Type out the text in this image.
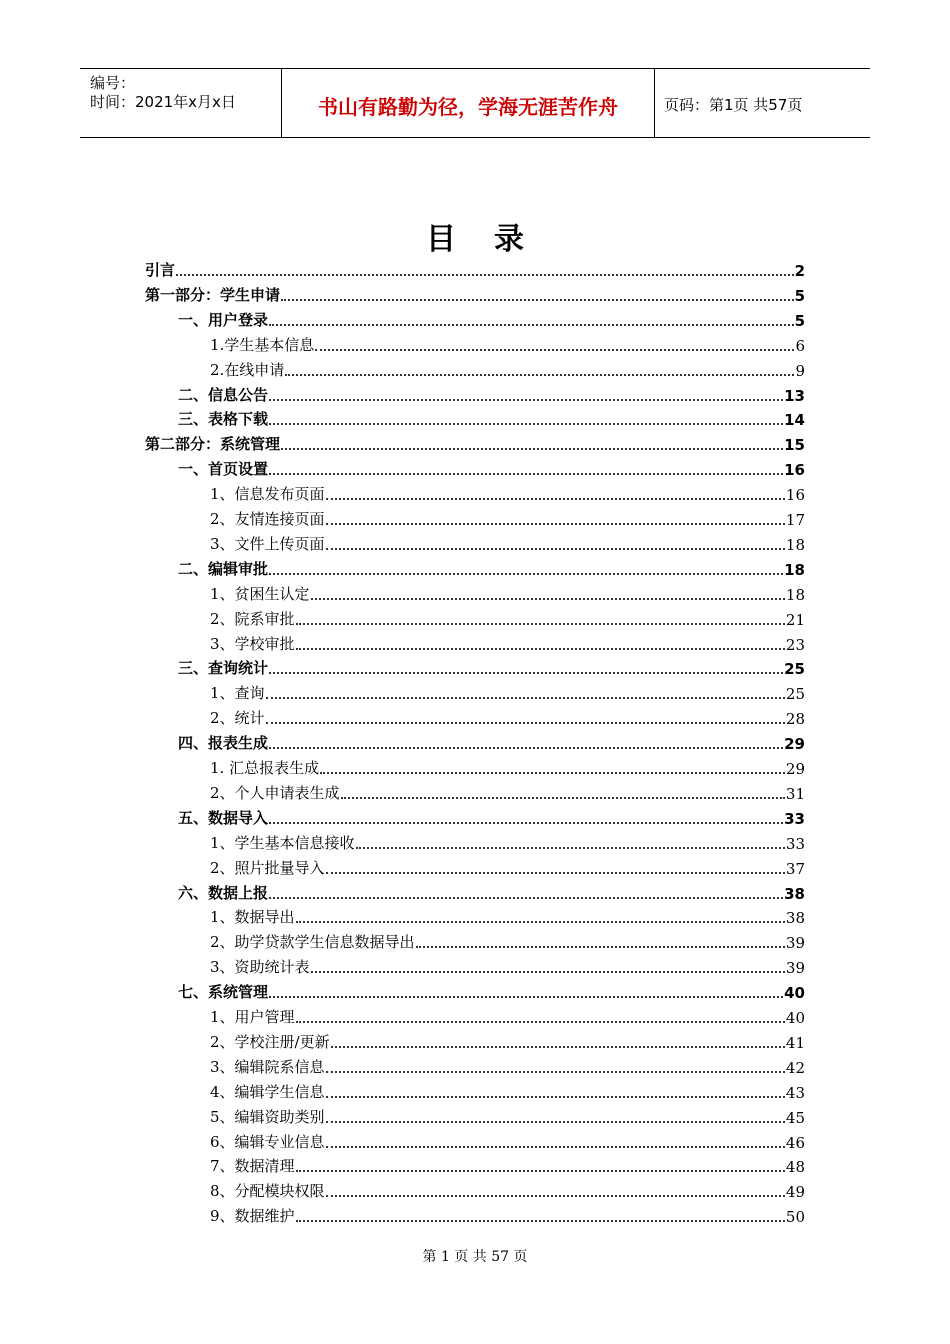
编号：
时间：2021年x月x日	书山有路勤为径，学海无涯苦作舟	页码：第1页 共57页
目录
引言	2
第一部分：学生申请	5
一、用户登录	5
1.学生基本信息	6
2.在线申请	9
二、信息公告	13
三、表格下载	14
第二部分：系统管理	15
一、首页设置	16
1、信息发布页面	16
2、友情连接页面	17
3、文件上传页面	18
二、编辑审批	18
1、贫困生认定	18
2、院系审批	21
3、学校审批	23
三、查询统计	25
1、查询	25
2、统计	28
四、报表生成	29
1. 汇总报表生成	29
2、个人申请表生成	31
五、数据导入	33
1、学生基本信息接收	33
2、照片批量导入	37
六、数据上报	38
1、数据导出	38
2、助学贷款学生信息数据导出	39
3、资助统计表	39
七、系统管理	40
1、用户管理	40
2、学校注册/更新	41
3、编辑院系信息	42
4、编辑学生信息	43
5、编辑资助类别	45
6、编辑专业信息	46
7、数据清理	48
8、分配模块权限	49
9、数据维护	50
第 1 页 共 57 页
